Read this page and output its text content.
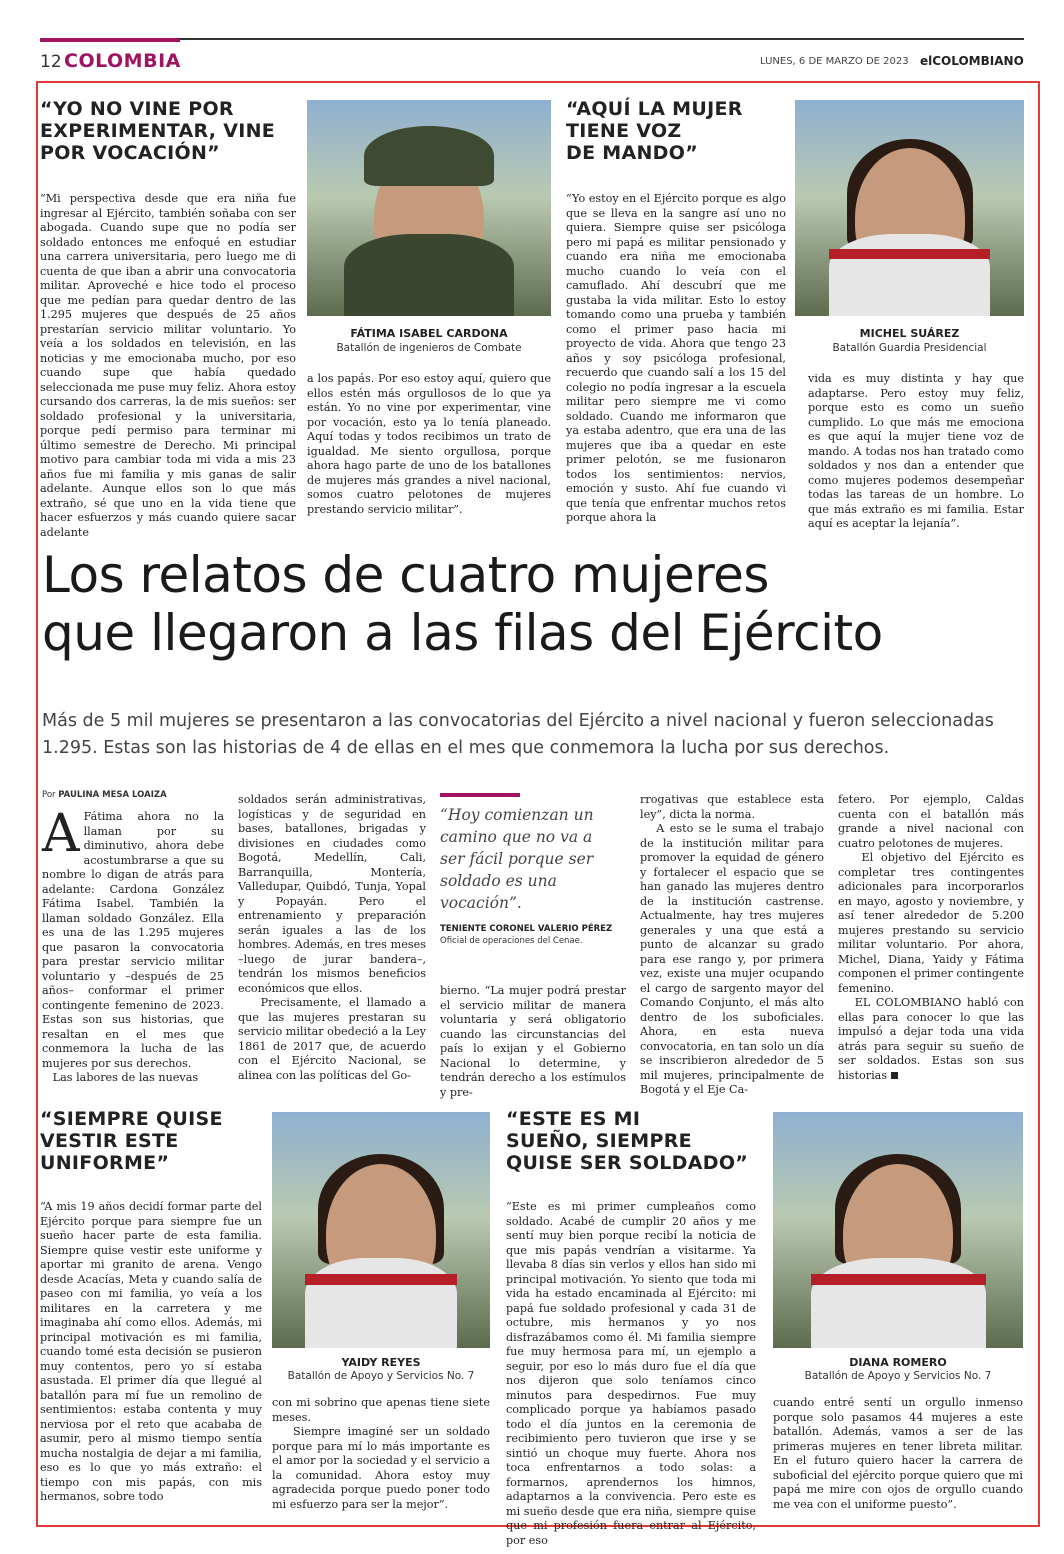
12 COLOMBIA	LUNES, 6 DE MARZO DE 2023 elCOLOMBIANO
“YO NO VINE POR
EXPERIMENTAR, VINE
POR VOCACIÓN”
“Mi perspectiva desde que era niña fue ingresar al Ejército, también soñaba con ser abogada. Cuando supe que no podía ser soldado entonces me enfoqué en estudiar una carrera universitaria, pero luego me di cuenta de que iban a abrir una convocatoria militar. Aproveché e hice todo el proceso que me pedían para quedar dentro de las 1.295 mujeres que después de 25 años prestarían servicio militar voluntario. Yo veía a los soldados en televisión, en las noticias y me emocionaba mucho, por eso cuando supe que había quedado seleccionada me puse muy feliz. Ahora estoy cursando dos carreras, la de mis sueños: ser soldado profesional y la universitaria, porque pedí permiso para terminar mi último semestre de Derecho. Mi principal motivo para cambiar toda mi vida a mis 23 años fue mi familia y mis ganas de salir adelante. Aunque ellos son lo que más extraño, sé que uno en la vida tiene que hacer esfuerzos y más cuando quiere sacar adelante
FÁTIMA ISABEL CARDONA
Batallón de ingenieros de Combate
a los papás. Por eso estoy aquí, quiero que ellos estén más orgullosos de lo que ya están. Yo no vine por experimentar, vine por vocación, esto ya lo tenía planeado. Aquí todas y todos recibimos un trato de igualdad. Me siento orgullosa, porque ahora hago parte de uno de los batallones de mujeres más grandes a nivel nacional, somos cuatro pelotones de mujeres prestando servicio militar”.
“AQUÍ LA MUJER
TIENE VOZ
DE MANDO”
“Yo estoy en el Ejército porque es algo que se lleva en la sangre así uno no quiera. Siempre quise ser psicóloga pero mi papá es militar pensionado y cuando era niña me emocionaba mucho cuando lo veía con el camuflado. Ahí descubrí que me gustaba la vida militar. Esto lo estoy tomando como una prueba y también como el primer paso hacia mi proyecto de vida. Ahora que tengo 23 años y soy psicóloga profesional, recuerdo que cuando salí a los 15 del colegio no podía ingresar a la escuela militar pero siempre me vi como soldado. Cuando me informaron que ya estaba adentro, que era una de las mujeres que iba a quedar en este primer pelotón, se me fusionaron todos los sentimientos: nervios, emoción y susto. Ahí fue cuando vi que tenía que enfrentar muchos retos porque ahora la
MICHEL SUÁREZ
Batallón Guardia Presidencial
vida es muy distinta y hay que adaptarse. Pero estoy muy feliz, porque esto es como un sueño cumplido. Lo que más me emociona es que aquí la mujer tiene voz de mando. A todas nos han tratado como soldados y nos dan a entender que como mujeres podemos desempeñar todas las tareas de un hombre. Lo que más extraño es mi familia. Estar aquí es aceptar la lejanía”.
Los relatos de cuatro mujeres
que llegaron a las filas del Ejército
Más de 5 mil mujeres se presentaron a las convocatorias del Ejército a nivel nacional y fueron seleccionadas 1.295. Estas son las historias de 4 de ellas en el mes que conmemora la lucha por sus derechos.
Por PAULINA MESA LOAIZA
A Fátima ahora no la llaman por su diminutivo, ahora debe acostumbrarse a que su nombre lo digan de atrás para adelante: Cardona González Fátima Isabel. También la llaman soldado González. Ella es una de las 1.295 mujeres que pasaron la convocatoria para prestar servicio militar voluntario y –después de 25 años– conformar el primer contingente femenino de 2023. Estas son sus historias, que resaltan en el mes que conmemora la lucha de las mujeres por sus derechos.
Las labores de las nuevas
soldados serán administrativas, logísticas y de seguridad en bases, batallones, brigadas y divisiones en ciudades como Bogotá, Medellín, Cali, Barranquilla, Montería, Valledupar, Quibdó, Tunja, Yopal y Popayán. Pero el entrenamiento y preparación serán iguales a las de los hombres. Además, en tres meses –luego de jurar bandera–, tendrán los mismos beneficios económicos que ellos.
Precisamente, el llamado a que las mujeres prestaran su servicio militar obedeció a la Ley 1861 de 2017 que, de acuerdo con el Ejército Nacional, se alinea con las políticas del Go-
“Hoy comienzan un camino que no va a ser fácil porque ser soldado es una vocación”.
TENIENTE CORONEL VALERIO PÉREZ
Oficial de operaciones del Cenae.
bierno. “La mujer podrá prestar el servicio militar de manera voluntaria y será obligatorio cuando las circunstancias del país lo exijan y el Gobierno Nacional lo determine, y tendrán derecho a los estímulos y pre-
rrogativas que establece esta ley”, dicta la norma.
A esto se le suma el trabajo de la institución militar para promover la equidad de género y fortalecer el espacio que se han ganado las mujeres dentro de la institución castrense. Actualmente, hay tres mujeres generales y una que está a punto de alcanzar su grado para ese rango y, por primera vez, existe una mujer ocupando el cargo de sargento mayor del Comando Conjunto, el más alto dentro de los suboficiales. Ahora, en esta nueva convocatoria, en tan solo un día se inscribieron alrededor de 5 mil mujeres, principalmente de Bogotá y el Eje Ca-
fetero. Por ejemplo, Caldas cuenta con el batallón más grande a nivel nacional con cuatro pelotones de mujeres.
El objetivo del Ejército es completar tres contingentes adicionales para incorporarlos en mayo, agosto y noviembre, y así tener alrededor de 5.200 mujeres prestando su servicio militar voluntario. Por ahora, Michel, Diana, Yaidy y Fátima componen el primer contingente femenino.
EL COLOMBIANO habló con ellas para conocer lo que las impulsó a dejar toda una vida atrás para seguir su sueño de ser soldados. Estas son sus historias
“SIEMPRE QUISE
VESTIR ESTE
UNIFORME”
“A mis 19 años decidí formar parte del Ejército porque para siempre fue un sueño hacer parte de esta familia. Siempre quise vestir este uniforme y aportar mi granito de arena. Vengo desde Acacías, Meta y cuando salía de paseo con mi familia, yo veía a los militares en la carretera y me imaginaba ahí como ellos. Además, mi principal motivación es mi familia, cuando tomé esta decisión se pusieron muy contentos, pero yo sí estaba asustada. El primer día que llegué al batallón para mí fue un remolino de sentimientos: estaba contenta y muy nerviosa por el reto que acababa de asumir, pero al mismo tiempo sentía mucha nostalgia de dejar a mi familia, eso es lo que yo más extraño: el tiempo con mis papás, con mis hermanos, sobre todo
YAIDY REYES
Batallón de Apoyo y Servicios No. 7
con mi sobrino que apenas tiene siete meses.
Siempre imaginé ser un soldado porque para mí lo más importante es el amor por la sociedad y el servicio a la comunidad. Ahora estoy muy agradecida porque puedo poner todo mi esfuerzo para ser la mejor”.
“ESTE ES MI
SUEÑO, SIEMPRE
QUISE SER SOLDADO”
“Este es mi primer cumpleaños como soldado. Acabé de cumplir 20 años y me sentí muy bien porque recibí la noticia de que mis papás vendrían a visitarme. Ya llevaba 8 días sin verlos y ellos han sido mi principal motivación. Yo siento que toda mi vida ha estado encaminada al Ejército: mi papá fue soldado profesional y cada 31 de octubre, mis hermanos y yo nos disfrazábamos como él. Mi familia siempre fue muy hermosa para mí, un ejemplo a seguir, por eso lo más duro fue el día que nos dijeron que solo teníamos cinco minutos para despedirnos. Fue muy complicado porque ya habíamos pasado todo el día juntos en la ceremonia de recibimiento pero tuvieron que irse y se sintió un choque muy fuerte. Ahora nos toca enfrentarnos a todo solas: a formarnos, aprendernos los himnos, adaptarnos a la convivencia. Pero este es mi sueño desde que era niña, siempre quise que mi profesión fuera entrar al Ejército, por eso
DIANA ROMERO
Batallón de Apoyo y Servicios No. 7
cuando entré sentí un orgullo inmenso porque solo pasamos 44 mujeres a este batallón. Además, vamos a ser de las primeras mujeres en tener libreta militar. En el futuro quiero hacer la carrera de suboficial del ejército porque quiero que mi papá me mire con ojos de orgullo cuando me vea con el uniforme puesto”.
